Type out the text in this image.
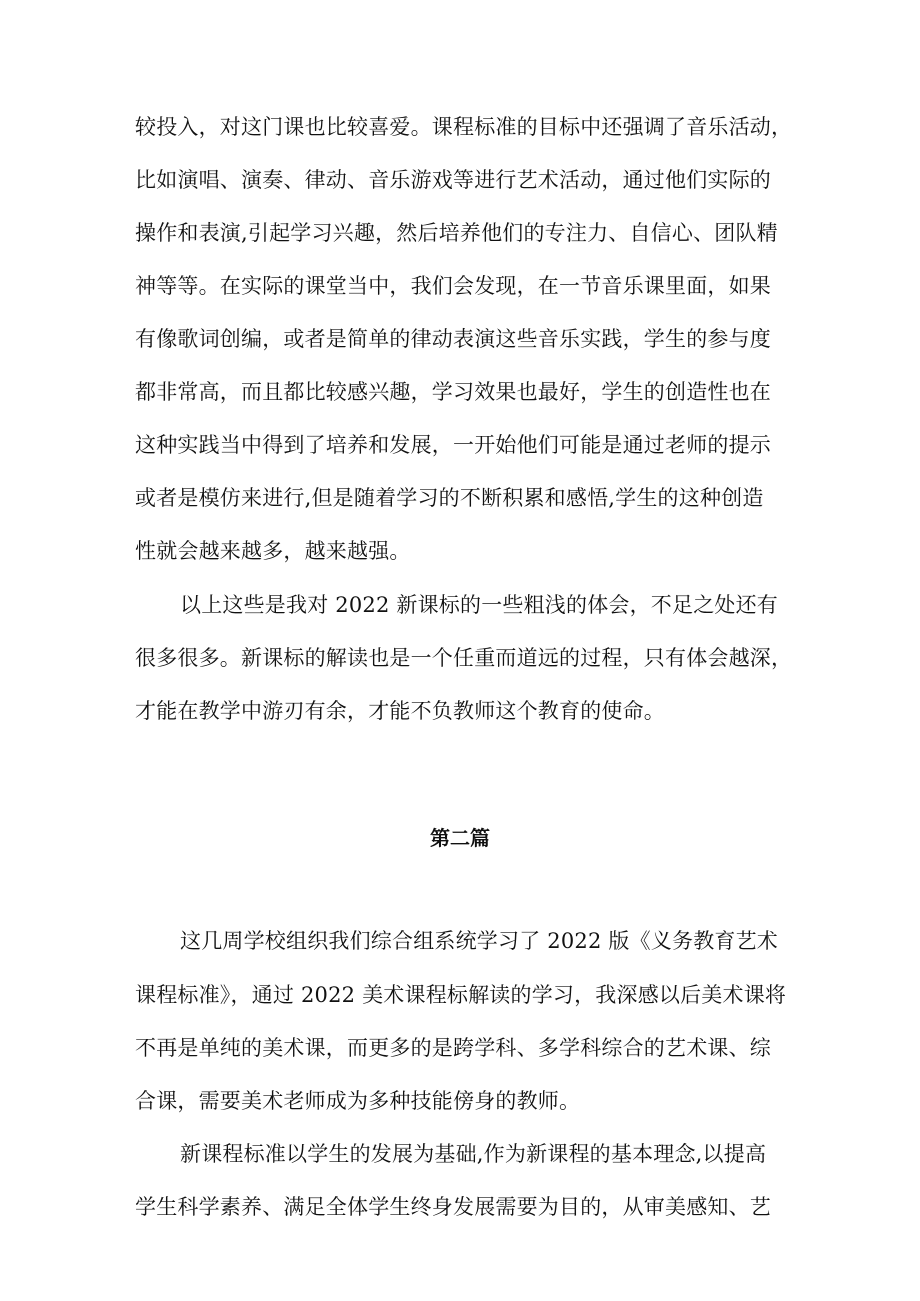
较投入，对这门课也比较喜爱。课程标准的目标中还强调了音乐活动，
比如演唱、演奏、律动、音乐游戏等进行艺术活动，通过他们实际的
操作和表演,引起学习兴趣，然后培养他们的专注力、自信心、团队精
神等等。在实际的课堂当中，我们会发现，在一节音乐课里面，如果
有像歌词创编，或者是简单的律动表演这些音乐实践，学生的参与度
都非常高，而且都比较感兴趣，学习效果也最好，学生的创造性也在
这种实践当中得到了培养和发展，一开始他们可能是通过老师的提示
或者是模仿来进行,但是随着学习的不断积累和感悟,学生的这种创造
性就会越来越多，越来越强。
以上这些是我对 2022 新课标的一些粗浅的体会，不足之处还有
很多很多。新课标的解读也是一个任重而道远的过程，只有体会越深，
才能在教学中游刃有余，才能不负教师这个教育的使命。
第二篇
这几周学校组织我们综合组系统学习了 2022 版《义务教育艺术
课程标准》，通过 2022 美术课程标解读的学习，我深感以后美术课将
不再是单纯的美术课，而更多的是跨学科、多学科综合的艺术课、综
合课，需要美术老师成为多种技能傍身的教师。
新课程标准以学生的发展为基础,作为新课程的基本理念,以提高
学生科学素养、满足全体学生终身发展需要为目的，从审美感知、艺
